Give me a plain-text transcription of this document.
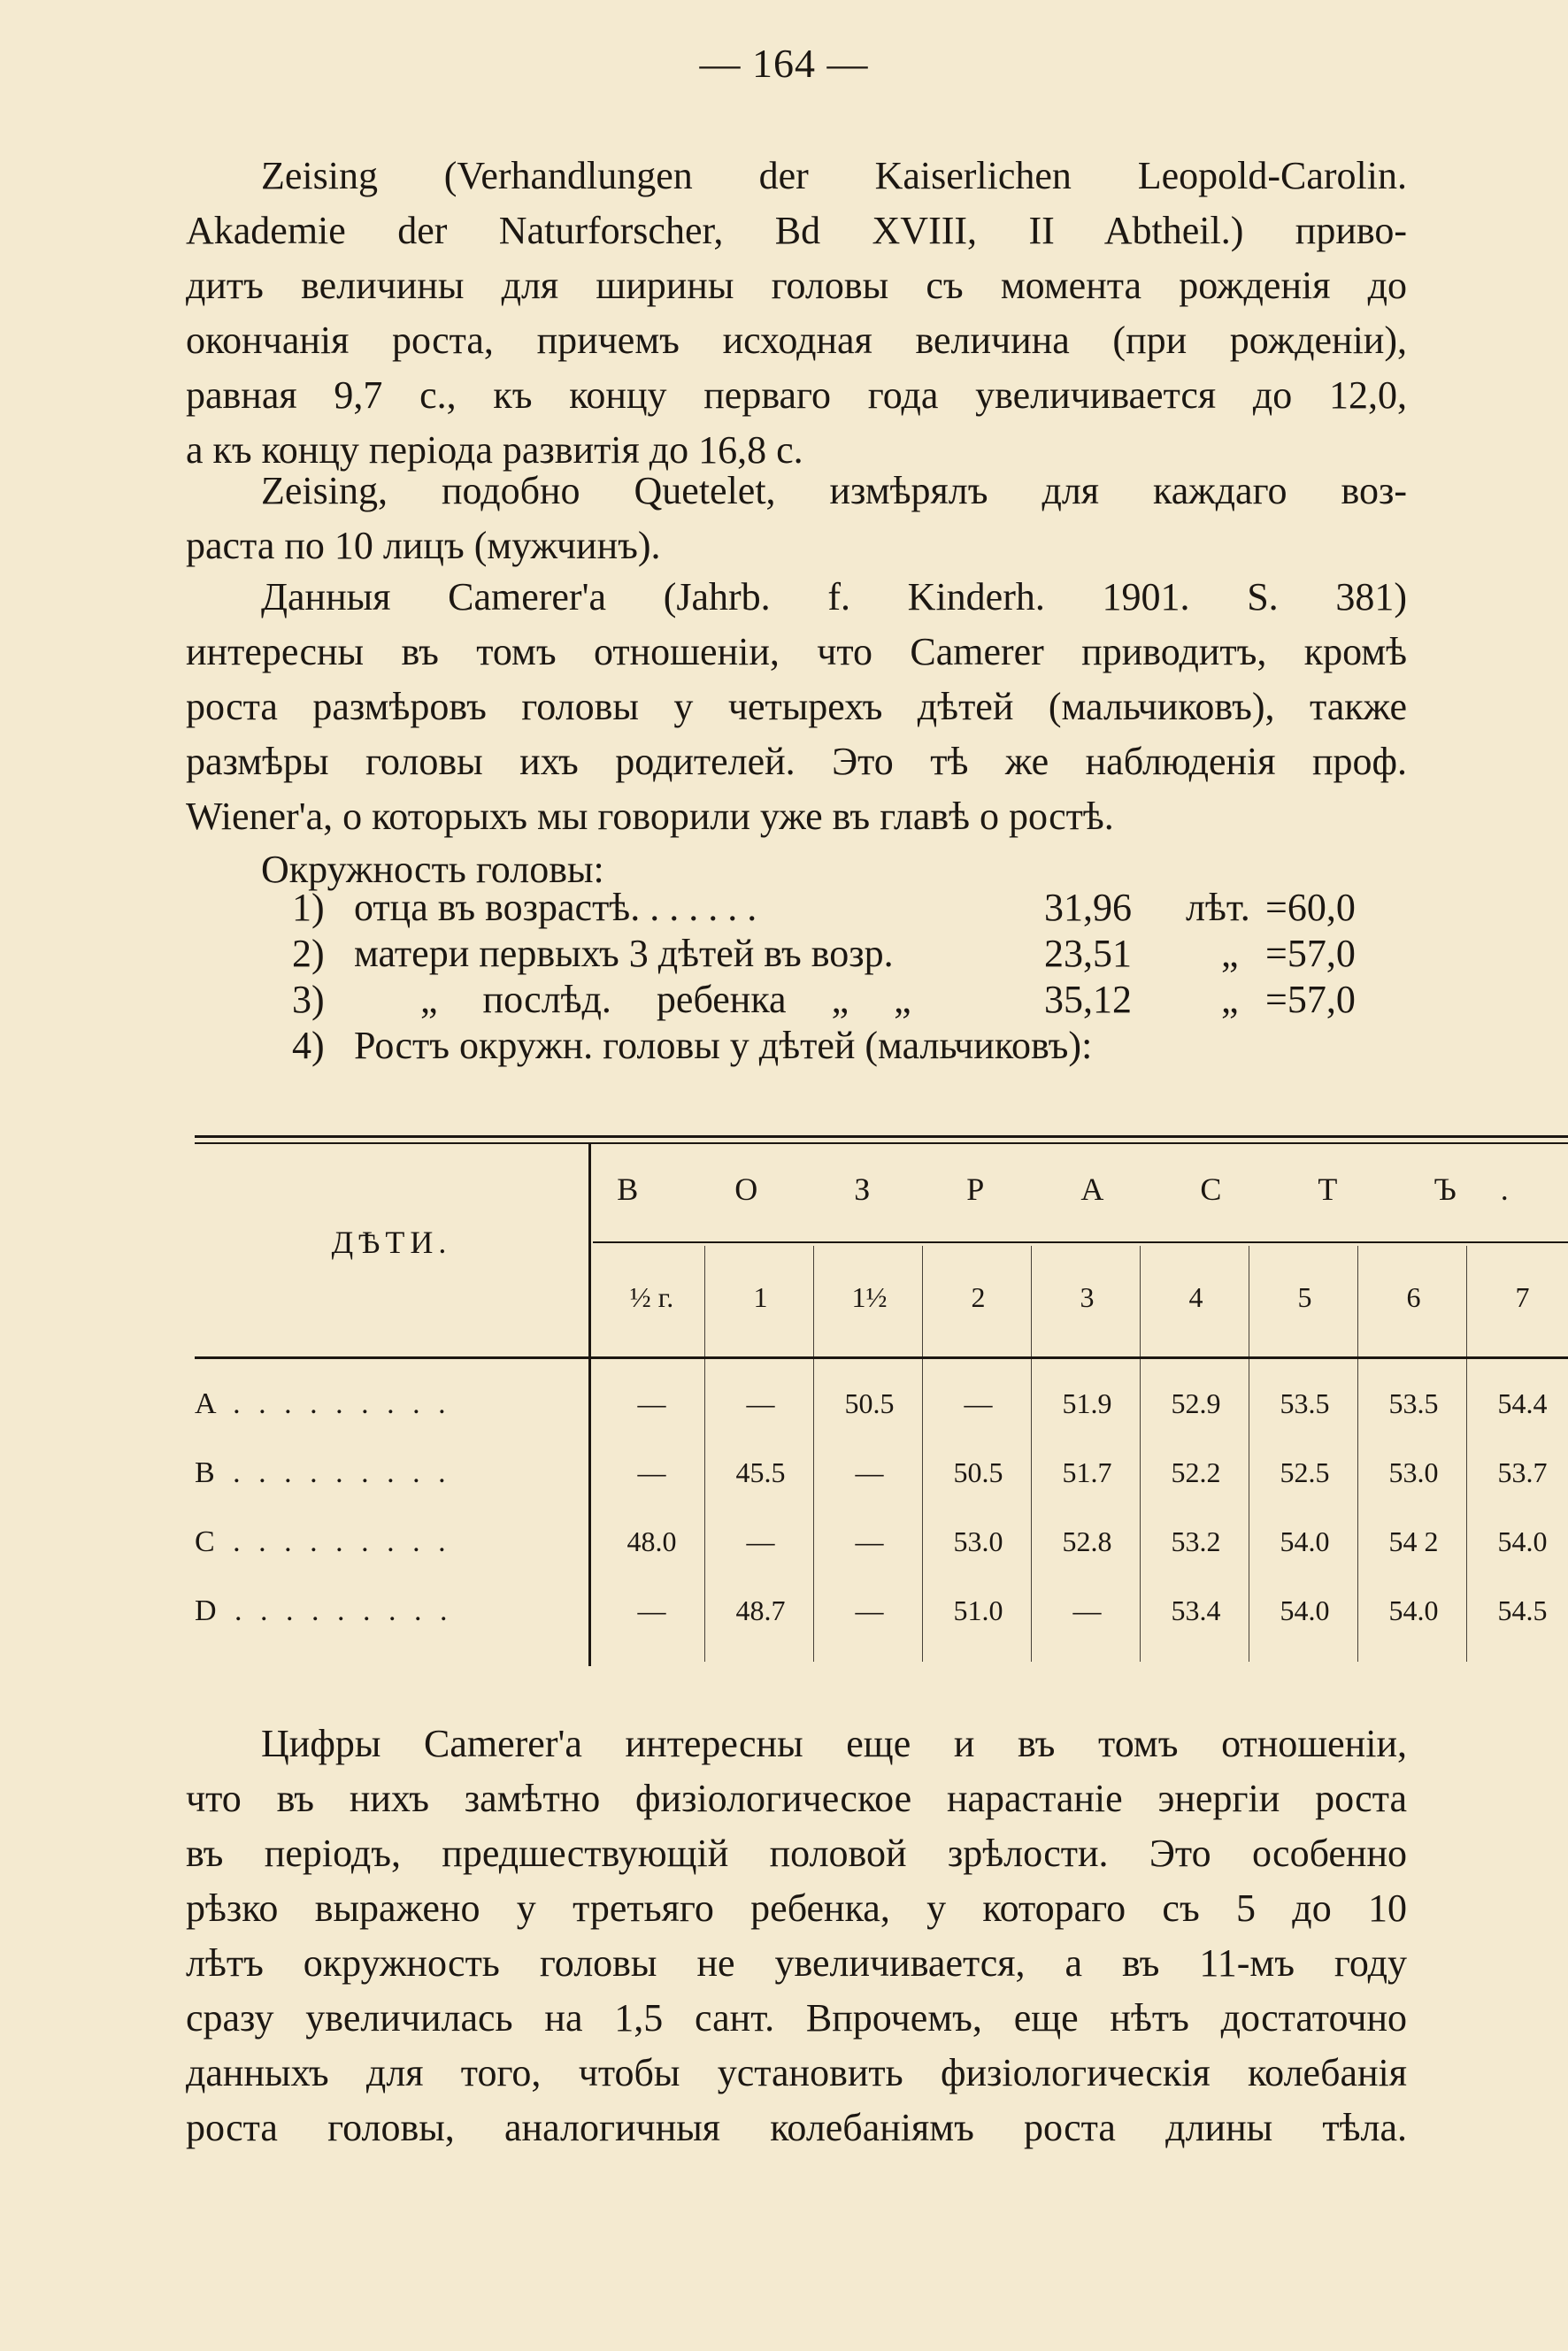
— 164 —
Zeising (Verhandlungen der Kaiserlichen Leopold-Carolin.
Akademie der Naturforscher, Bd XVIII, II Abtheil.) приво-
дитъ величины для ширины головы съ момента рожденія до
окончанія роста, причемъ исходная величина (при рожденіи),
равная 9,7 с., къ концу перваго года увеличивается до 12,0,
а къ концу періода развитія до 16,8 с.
Zeising, подобно Quetelet, измѣрялъ для каждаго воз-
раста по 10 лицъ (мужчинъ).
Данныя Camerer'а (Jahrb. f. Kinderh. 1901. S. 381)
интересны въ томъ отношеніи, что Camerer приводитъ, кромѣ
роста размѣровъ головы у четырехъ дѣтей (мальчиковъ), также
размѣры головы ихъ родителей. Это тѣ же наблюденія проф.
Wiener'а, о которыхъ мы говорили уже въ главѣ о ростѣ.
Окружность головы:
1) отца въ возрастѣ. . . . . . .	31,96 лѣт. =60,0
2) матери первыхъ 3 дѣтей въ возр.	23,51 „ =57,0
3) „ послѣд. ребенка „ „	35,12 „ =57,0
4) Ростъ окружн. головы у дѣтей (мальчиковъ):
ДѢТИ.
В О З Р А С Т Ъ.
½ г.	1	1½	2	3	4	5	6	7
A . . . . . . . . .	—	—	50.5	—	51.9	52.9	53.5	53.5	54.4
B . . . . . . . . .	—	45.5	—	50.5	51.7	52.2	52.5	53.0	53.7
C . . . . . . . . .	48.0	—	—	53.0	52.8	53.2	54.0	54 2	54.0
D . . . . . . . . .	—	48.7	—	51.0	—	53.4	54.0	54.0	54.5
Цифры Camerer'а интересны еще и въ томъ отношеніи,
что въ нихъ замѣтно физіологическое нарастаніе энергіи роста
въ періодъ, предшествующій половой зрѣлости. Это особенно
рѣзко выражено у третьяго ребенка, у котораго съ 5 до 10
лѣтъ окружность головы не увеличивается, а въ 11-мъ году
сразу увеличилась на 1,5 сант. Впрочемъ, еще нѣтъ достаточно
данныхъ для того, чтобы установить физіологическія колебанія
роста головы, аналогичныя колебаніямъ роста длины тѣла.
